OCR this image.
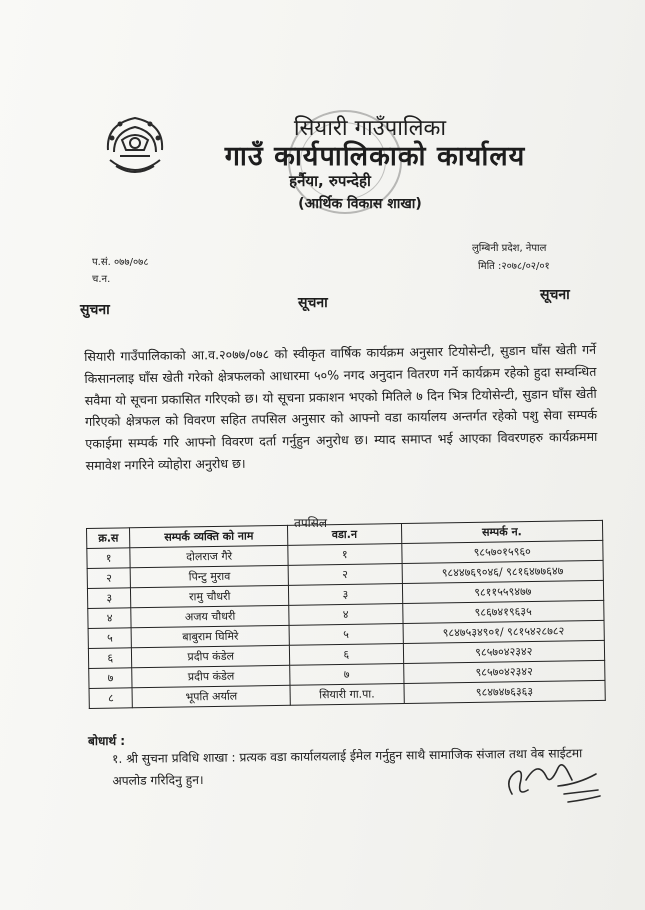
सियारी गाउँपालिका
गाउँ कार्यपालिकाको कार्यालय
हर्नैया, रुपन्देही
(आर्थिक विकास शाखा)
प.सं. ०७७/०७८
च.न.
लुम्बिनी प्रदेश, नेपाल
मिति :२०७८/०२/०१
सुचना	सूचना	सूचना
सियारी गाउँपालिकाको आ.व.२०७७/०७८ को स्वीकृत वार्षिक कार्यक्रम अनुसार टियोसेन्टी, सुडान घाँस खेती गर्ने किसानलाइ घाँस खेती गरेको क्षेत्रफलको आधारमा ५०% नगद अनुदान वितरण गर्ने कार्यक्रम रहेको हुदा सम्वन्धित सवैमा यो सूचना प्रकासित गरिएको छ। यो सूचना प्रकाशन भएको मितिले ७ दिन भित्र टियोसेन्टी, सुडान घाँस खेती गरिएको क्षेत्रफल को विवरण सहित तपसिल अनुसार को आफ्नो वडा कार्यालय अन्तर्गत रहेको पशु सेवा सम्पर्क एकाईमा सम्पर्क गरि आफ्नो विवरण दर्ता गर्नुहुन अनुरोध छ। म्याद समाप्त भई आएका विवरणहरु कार्यक्रममा समावेश नगरिने व्योहोरा अनुरोध छ।
तपसिल
क्र.स	सम्पर्क व्यक्ति को नाम	वडा.न	सम्पर्क न.
१	दोलराज गैरे	१	९८५७०१५९६०
२	पिन्टु मुराव	२	९८४४७६९०४६/ ९८१६४७७६४७
३	रामु चौधरी	३	९८११५५९४७७
४	अजय चौधरी	४	९८६७४१९६३५
५	बाबुराम घिमिरे	५	९८४७५३४९०१/ ९८१५४२८७८२
६	प्रदीप कंडेल	६	९८५७०४२३४२
७	प्रदीप कंडेल	७	९८५७०४२३४२
८	भूपति अर्याल	सियारी गा.पा.	९८४७४७६३६३
बोधार्थ :
१. श्री सुचना प्रविधि शाखा : प्रत्यक वडा कार्यालयलाई ईमेल गर्नुहुन साथै सामाजिक संजाल तथा वेब साईटमा अपलोड गरिदिनु हुन।
